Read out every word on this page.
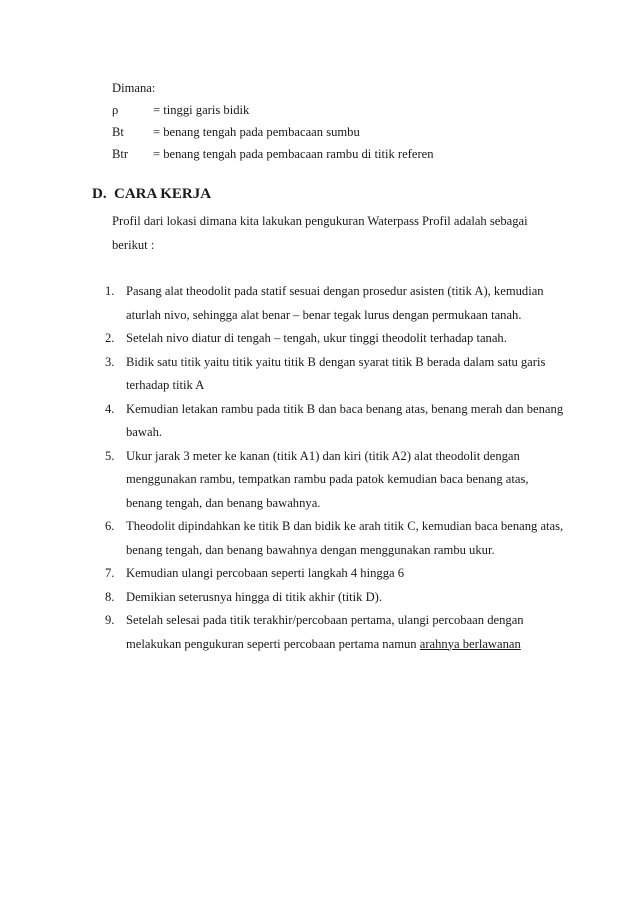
Dimana:
ρ	= tinggi garis bidik
Bt = benang tengah pada pembacaan sumbu
Btr = benang tengah pada pembacaan rambu di titik referen
D. CARA KERJA
Profil dari lokasi dimana kita lakukan pengukuran Waterpass Profil adalah sebagai berikut :
1. Pasang alat theodolit pada statif sesuai dengan prosedur asisten (titik A), kemudian aturlah nivo, sehingga alat benar – benar tegak lurus dengan permukaan tanah.
2. Setelah nivo diatur di tengah – tengah, ukur tinggi theodolit terhadap tanah.
3. Bidik satu titik yaitu titik yaitu titik B dengan syarat titik B berada dalam satu garis terhadap titik A
4. Kemudian letakan rambu pada titik B dan baca benang atas, benang merah dan benang bawah.
5. Ukur jarak 3 meter ke kanan (titik A1) dan kiri (titik A2) alat theodolit dengan menggunakan rambu, tempatkan rambu pada patok kemudian baca benang atas, benang tengah, dan benang bawahnya.
6. Theodolit dipindahkan ke titik B dan bidik ke arah titik C, kemudian baca benang atas, benang tengah, dan benang bawahnya dengan menggunakan rambu ukur.
7. Kemudian ulangi percobaan seperti langkah 4 hingga 6
8. Demikian seterusnya hingga di titik akhir (titik D).
9. Setelah selesai pada titik terakhir/percobaan pertama, ulangi percobaan dengan melakukan pengukuran seperti percobaan pertama namun arahnya berlawanan
